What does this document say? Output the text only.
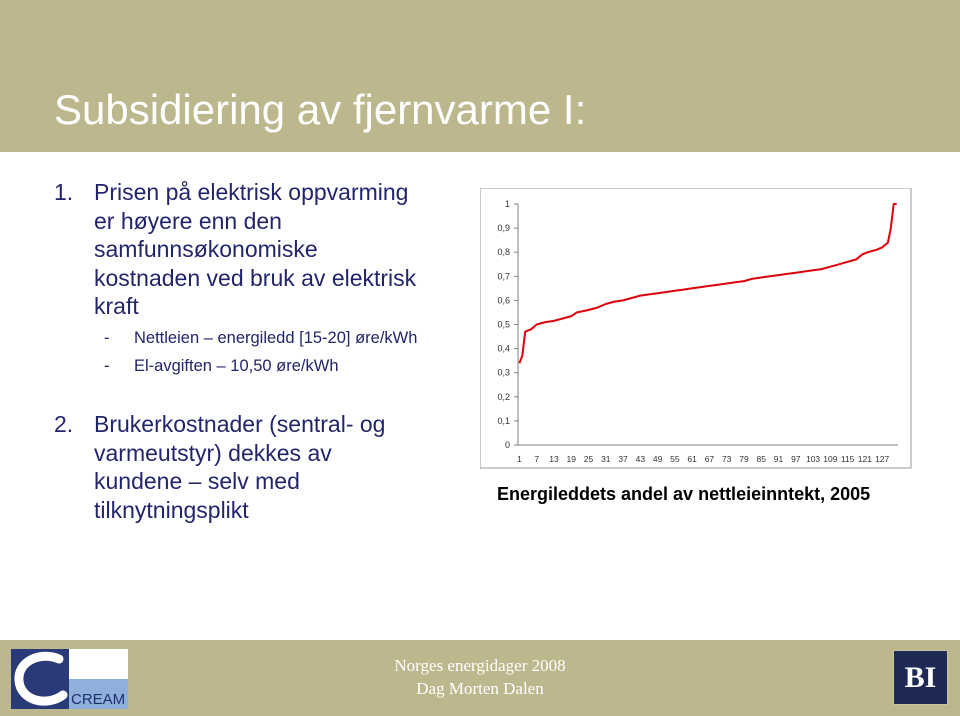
Subsidiering av fjernvarme I:
1. Prisen på elektrisk oppvarming
er høyere enn den
samfunnsøkonomiske
kostnaden ved bruk av elektrisk
kraft
- Nettleien – energiledd [15-20] øre/kWh
- El-avgiften – 10,50 øre/kWh
2. Brukerkostnader (sentral- og
varmeutstyr) dekkes av
kundene – selv med
tilknytningsplikt
0
0,1
0,2
0,3
0,4
0,5
0,6
0,7
0,8
0,9
1
1 7 13 19 25 31 37 43 49 55 61 67 73 79 85 91 97 103 109 115 121 127
Energileddets andel av nettleieinntekt, 2005
CREAM
Norges energidager 2008
Dag Morten Dalen	BI
